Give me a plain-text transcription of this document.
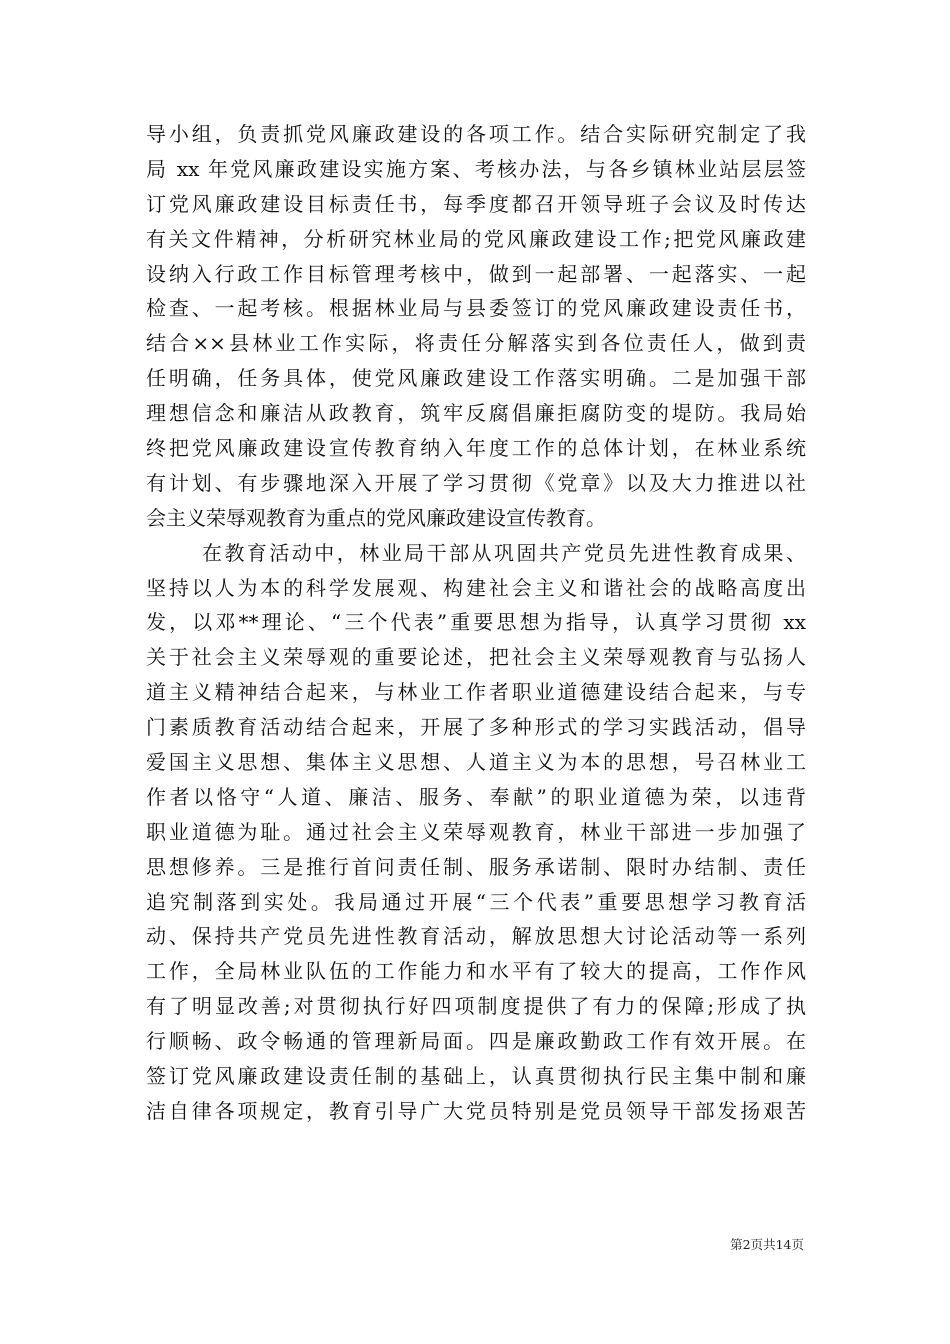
导小组，负责抓党风廉政建设的各项工作。结合实际研究制定了我
局 xx 年党风廉政建设实施方案、考核办法，与各乡镇林业站层层签
订党风廉政建设目标责任书，每季度都召开领导班子会议及时传达
有关文件精神，分析研究林业局的党风廉政建设工作;把党风廉政建
设纳入行政工作目标管理考核中，做到一起部署、一起落实、一起
检查、一起考核。根据林业局与县委签订的党风廉政建设责任书，
结合××县林业工作实际，将责任分解落实到各位责任人，做到责
任明确，任务具体，使党风廉政建设工作落实明确。二是加强干部
理想信念和廉洁从政教育，筑牢反腐倡廉拒腐防变的堤防。我局始
终把党风廉政建设宣传教育纳入年度工作的总体计划，在林业系统
有计划、有步骤地深入开展了学习贯彻《党章》以及大力推进以社
会主义荣辱观教育为重点的党风廉政建设宣传教育。
在教育活动中，林业局干部从巩固共产党员先进性教育成果、
坚持以人为本的科学发展观、构建社会主义和谐社会的战略高度出
发，以邓**理论、“三个代表”重要思想为指导，认真学习贯彻 xx
关于社会主义荣辱观的重要论述，把社会主义荣辱观教育与弘扬人
道主义精神结合起来，与林业工作者职业道德建设结合起来，与专
门素质教育活动结合起来，开展了多种形式的学习实践活动，倡导
爱国主义思想、集体主义思想、人道主义为本的思想，号召林业工
作者以恪守“人道、廉洁、服务、奉献”的职业道德为荣，以违背
职业道德为耻。通过社会主义荣辱观教育，林业干部进一步加强了
思想修养。三是推行首问责任制、服务承诺制、限时办结制、责任
追究制落到实处。我局通过开展“三个代表”重要思想学习教育活
动、保持共产党员先进性教育活动，解放思想大讨论活动等一系列
工作，全局林业队伍的工作能力和水平有了较大的提高，工作作风
有了明显改善;对贯彻执行好四项制度提供了有力的保障;形成了执
行顺畅、政令畅通的管理新局面。四是廉政勤政工作有效开展。在
签订党风廉政建设责任制的基础上，认真贯彻执行民主集中制和廉
洁自律各项规定，教育引导广大党员特别是党员领导干部发扬艰苦
第2页共14页
